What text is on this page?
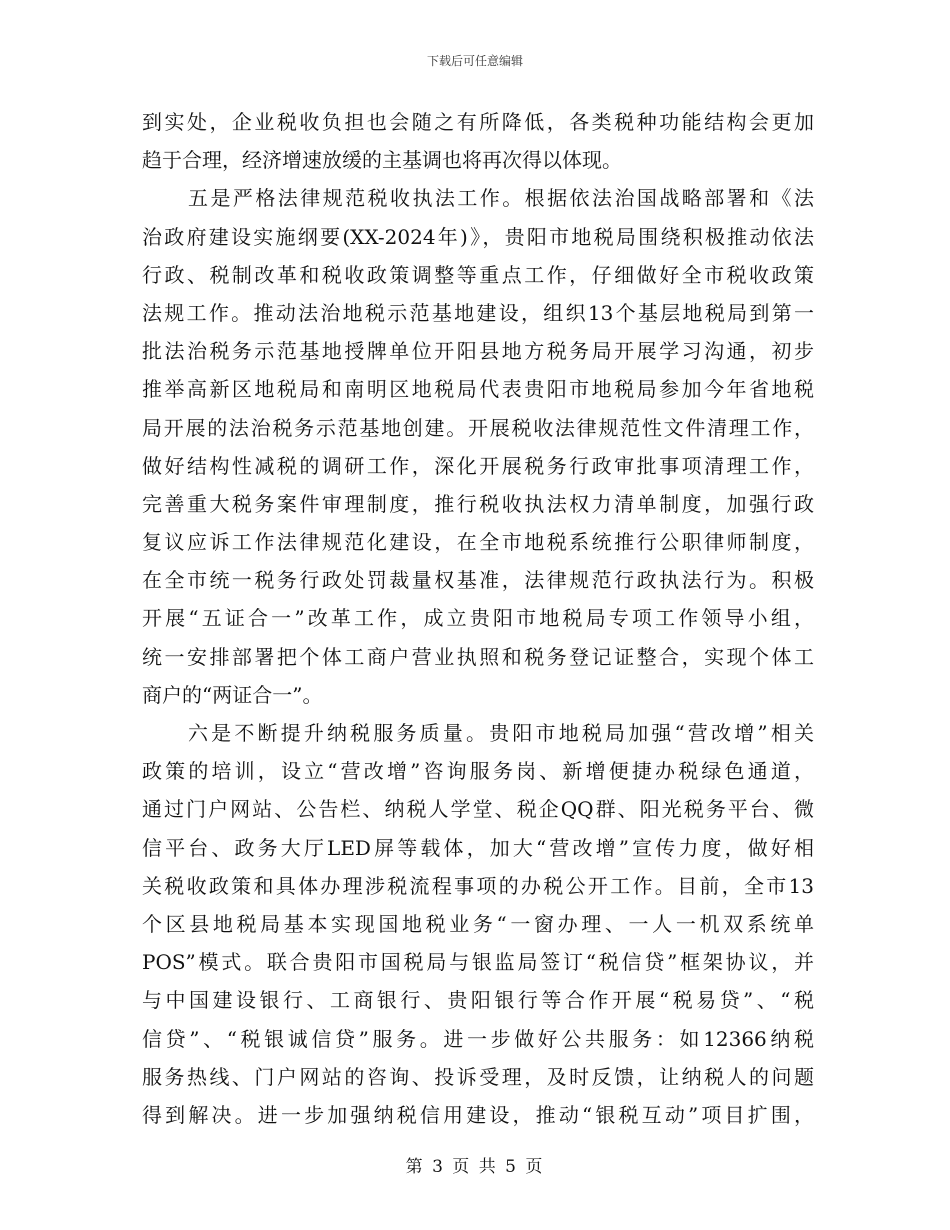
下载后可任意编辑
到实处，企业税收负担也会随之有所降低，各类税种功能结构会更加
趋于合理，经济增速放缓的主基调也将再次得以体现。
五是严格法律规范税收执法工作。根据依法治国战略部署和《法
治政府建设实施纲要(XX-2024年)》，贵阳市地税局围绕积极推动依法
行政、税制改革和税收政策调整等重点工作，仔细做好全市税收政策
法规工作。推动法治地税示范基地建设，组织13个基层地税局到第一
批法治税务示范基地授牌单位开阳县地方税务局开展学习沟通，初步
推举高新区地税局和南明区地税局代表贵阳市地税局参加今年省地税
局开展的法治税务示范基地创建。开展税收法律规范性文件清理工作，
做好结构性减税的调研工作，深化开展税务行政审批事项清理工作，
完善重大税务案件审理制度，推行税收执法权力清单制度，加强行政
复议应诉工作法律规范化建设，在全市地税系统推行公职律师制度，
在全市统一税务行政处罚裁量权基准，法律规范行政执法行为。积极
开展“五证合一”改革工作，成立贵阳市地税局专项工作领导小组，
统一安排部署把个体工商户营业执照和税务登记证整合，实现个体工
商户的“两证合一”。
六是不断提升纳税服务质量。贵阳市地税局加强“营改增”相关
政策的培训，设立“营改增”咨询服务岗、新增便捷办税绿色通道，
通过门户网站、公告栏、纳税人学堂、税企QQ群、阳光税务平台、微
信平台、政务大厅LED屏等载体，加大“营改增”宣传力度，做好相
关税收政策和具体办理涉税流程事项的办税公开工作。目前，全市13
个区县地税局基本实现国地税业务“一窗办理、一人一机双系统单
POS”模式。联合贵阳市国税局与银监局签订“税信贷”框架协议，并
与中国建设银行、工商银行、贵阳银行等合作开展“税易贷”、“税
信贷”、“税银诚信贷”服务。进一步做好公共服务：如12366纳税
服务热线、门户网站的咨询、投诉受理，及时反馈，让纳税人的问题
得到解决。进一步加强纳税信用建设，推动“银税互动”项目扩围，
第 3 页 共 5 页
